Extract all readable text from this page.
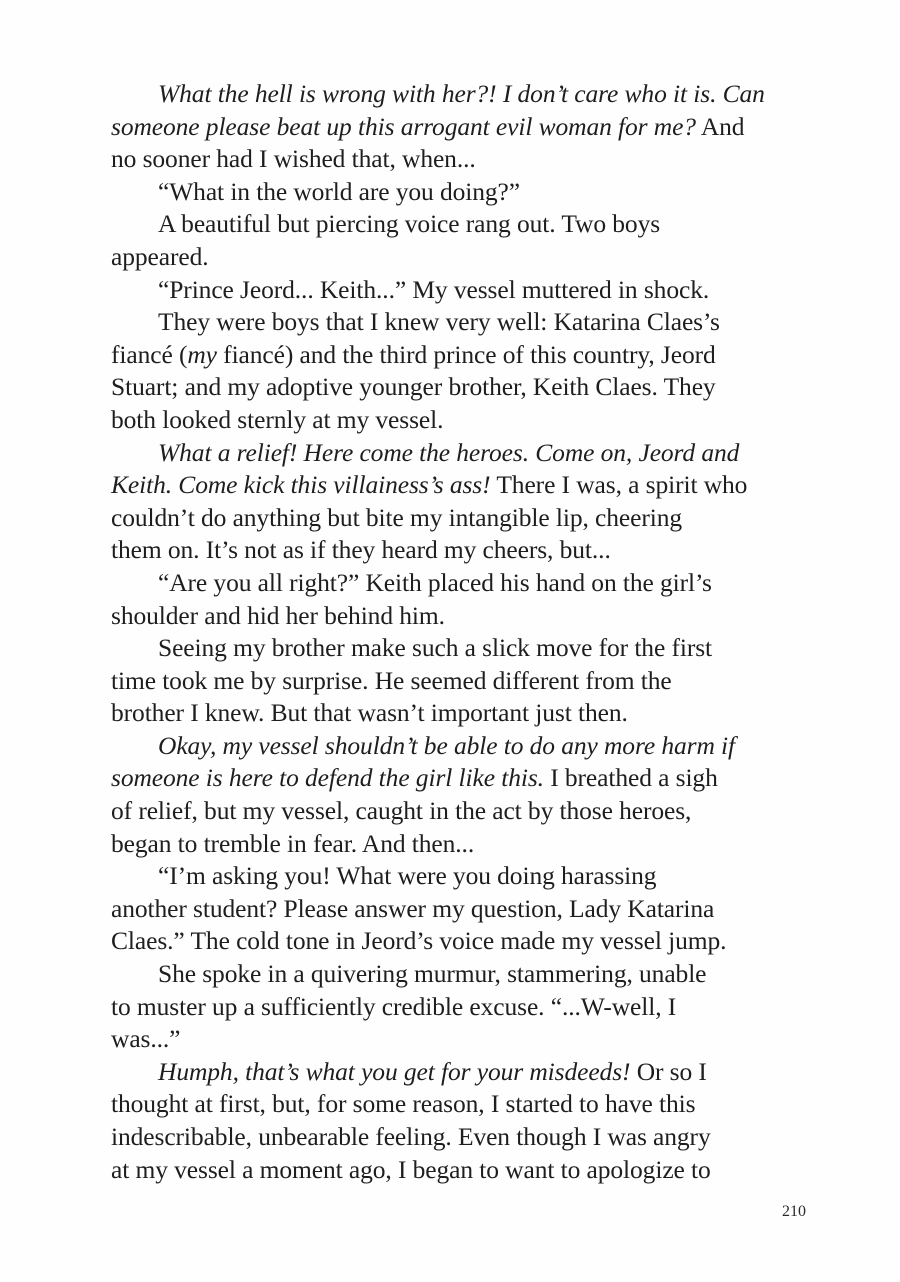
What the hell is wrong with her?! I don’t care who it is. Can
someone please beat up this arrogant evil woman for me? And
no sooner had I wished that, when...
“What in the world are you doing?”
A beautiful but piercing voice rang out. Two boys
appeared.
“Prince Jeord... Keith...” My vessel muttered in shock.
They were boys that I knew very well: Katarina Claes’s
fiancé (my fiancé) and the third prince of this country, Jeord
Stuart; and my adoptive younger brother, Keith Claes. They
both looked sternly at my vessel.
What a relief! Here come the heroes. Come on, Jeord and
Keith. Come kick this villainess’s ass! There I was, a spirit who
couldn’t do anything but bite my intangible lip, cheering
them on. It’s not as if they heard my cheers, but...
“Are you all right?” Keith placed his hand on the girl’s
shoulder and hid her behind him.
Seeing my brother make such a slick move for the first
time took me by surprise. He seemed different from the
brother I knew. But that wasn’t important just then.
Okay, my vessel shouldn’t be able to do any more harm if
someone is here to defend the girl like this. I breathed a sigh
of relief, but my vessel, caught in the act by those heroes,
began to tremble in fear. And then...
“I’m asking you! What were you doing harassing
another student? Please answer my question, Lady Katarina
Claes.” The cold tone in Jeord’s voice made my vessel jump.
She spoke in a quivering murmur, stammering, unable
to muster up a sufficiently credible excuse. “...W-well, I
was...”
Humph, that’s what you get for your misdeeds! Or so I
thought at first, but, for some reason, I started to have this
indescribable, unbearable feeling. Even though I was angry
at my vessel a moment ago, I began to want to apologize to
210
